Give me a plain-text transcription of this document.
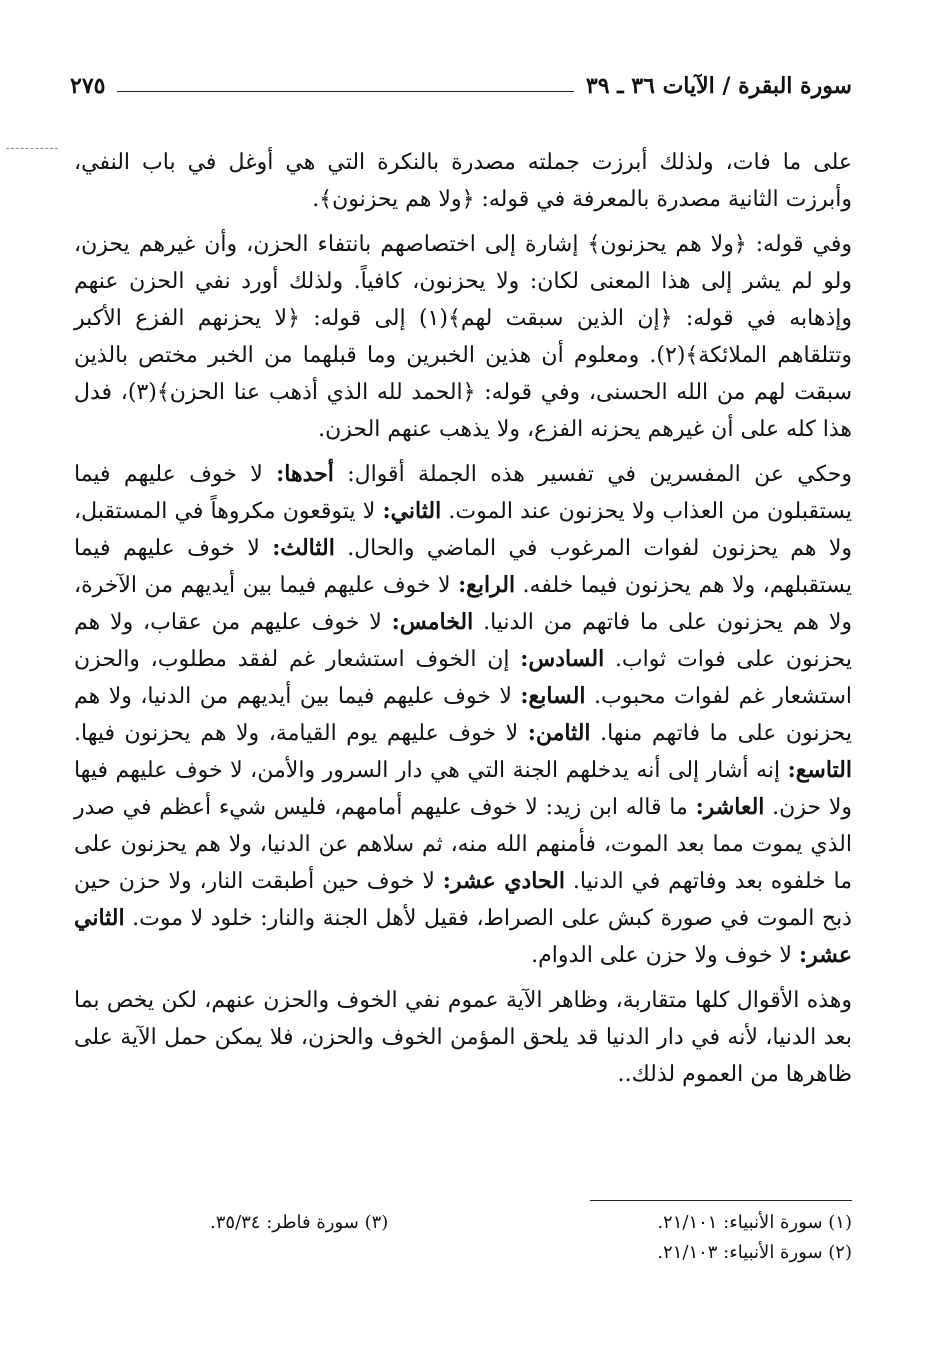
سورة البقرة / الآيات ٣٦ ـ ٣٩
٢٧٥

على ما فات، ولذلك أبرزت جملته مصدرة بالنكرة التي هي أوغل في باب النفي، وأبرزت الثانية مصدرة بالمعرفة في قوله: ﴿ولا هم يحزنون﴾.

وفي قوله: ﴿ولا هم يحزنون﴾ إشارة إلى اختصاصهم بانتفاء الحزن، وأن غيرهم يحزن، ولو لم يشر إلى هذا المعنى لكان: ولا يحزنون، كافياً. ولذلك أورد نفي الحزن عنهم وإذهابه في قوله: ﴿إن الذين سبقت لهم﴾(١) إلى قوله: ﴿لا يحزنهم الفزع الأكبر وتتلقاهم الملائكة﴾(٢). ومعلوم أن هذين الخبرين وما قبلهما من الخبر مختص بالذين سبقت لهم من الله الحسنى، وفي قوله: ﴿الحمد لله الذي أذهب عنا الحزن﴾(٣)، فدل هذا كله على أن غيرهم يحزنه الفزع، ولا يذهب عنهم الحزن.

وحكي عن المفسرين في تفسير هذه الجملة أقوال: أحدها: لا خوف عليهم فيما يستقبلون من العذاب ولا يحزنون عند الموت. الثاني: لا يتوقعون مكروهاً في المستقبل، ولا هم يحزنون لفوات المرغوب في الماضي والحال. الثالث: لا خوف عليهم فيما يستقبلهم، ولا هم يحزنون فيما خلفه. الرابع: لا خوف عليهم فيما بين أيديهم من الآخرة، ولا هم يحزنون على ما فاتهم من الدنيا. الخامس: لا خوف عليهم من عقاب، ولا هم يحزنون على فوات ثواب. السادس: إن الخوف استشعار غم لفقد مطلوب، والحزن استشعار غم لفوات محبوب. السابع: لا خوف عليهم فيما بين أيديهم من الدنيا، ولا هم يحزنون على ما فاتهم منها. الثامن: لا خوف عليهم يوم القيامة، ولا هم يحزنون فيها. التاسع: إنه أشار إلى أنه يدخلهم الجنة التي هي دار السرور والأمن، لا خوف عليهم فيها ولا حزن. العاشر: ما قاله ابن زيد: لا خوف عليهم أمامهم، فليس شيء أعظم في صدر الذي يموت مما بعد الموت، فأمنهم الله منه، ثم سلاهم عن الدنيا، ولا هم يحزنون على ما خلفوه بعد وفاتهم في الدنيا. الحادي عشر: لا خوف حين أطبقت النار، ولا حزن حين ذبح الموت في صورة كبش على الصراط، فقيل لأهل الجنة والنار: خلود لا موت. الثاني عشر: لا خوف ولا حزن على الدوام.

وهذه الأقوال كلها متقاربة، وظاهر الآية عموم نفي الخوف والحزن عنهم، لكن يخص بما بعد الدنيا، لأنه في دار الدنيا قد يلحق المؤمن الخوف والحزن، فلا يمكن حمل الآية على ظاهرها من العموم لذلك..

(١) سورة الأنبياء: ٢١/١٠١.
(٣) سورة فاطر: ٣٥/٣٤.
(٢) سورة الأنبياء: ٢١/١٠٣.
